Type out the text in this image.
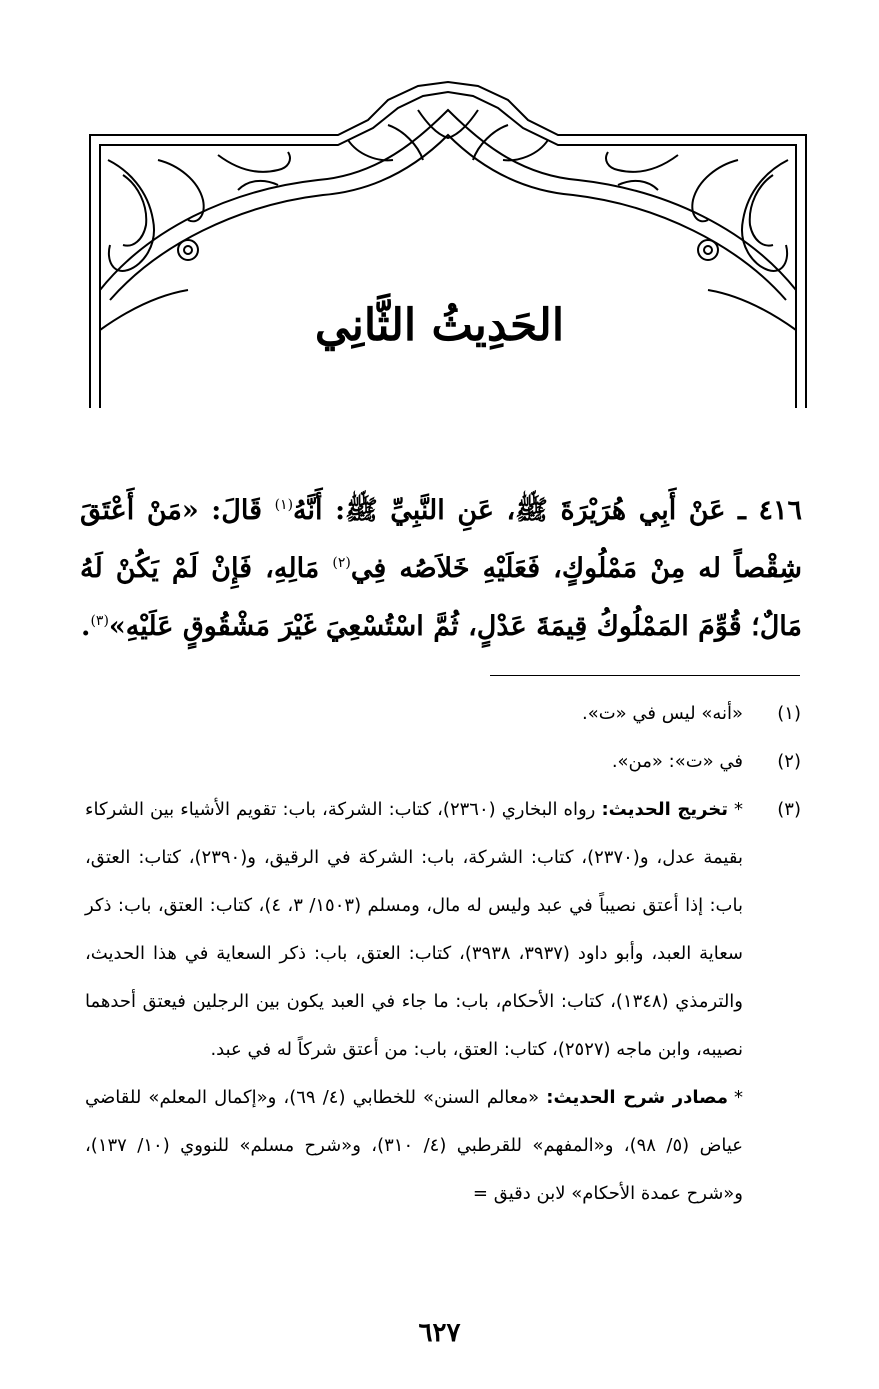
الحَدِيثُ الثَّانِي
٤١٦ ـ عَنْ أَبِي هُرَيْرَةَ ﷺ، عَنِ النَّبِيِّ ﷺ: أَنَّهُ$^{(١)}$ قَالَ: «مَنْ أَعْتَقَ شِقْصاً له مِنْ مَمْلُوكٍ، فَعَلَيْهِ خَلاَصُه فِي$^{(٢)}$ مَالِهِ، فَإِنْ لَمْ يَكُنْ لَهُ مَالٌ؛ قُوِّمَ المَمْلُوكُ قِيمَةَ عَدْلٍ، ثُمَّ اسْتُسْعِيَ غَيْرَ مَشْقُوقٍ عَلَيْهِ»$^{(٣)}$.
(١)
«أنه» ليس في «ت».
(٢)
في «ت»: «من».
(٣)
*تخريج الحديث: رواه البخاري (٢٣٦٠)، كتاب: الشركة، باب: تقويم الأشياء بين الشركاء بقيمة عدل، و(٢٣٧٠)، كتاب: الشركة، باب: الشركة في الرقيق، و(٢٣٩٠)، كتاب: العتق، باب: إذا أعتق نصيباً في عبد وليس له مال، ومسلم (١٥٠٣/ ٣، ٤)، كتاب: العتق، باب: ذكر سعاية العبد، وأبو داود (٣٩٣٧، ٣٩٣٨)، كتاب: العتق، باب: ذكر السعاية في هذا الحديث، والترمذي (١٣٤٨)، كتاب: الأحكام، باب: ما جاء في العبد يكون بين الرجلين فيعتق أحدهما نصيبه، وابن ماجه (٢٥٢٧)، كتاب: العتق، باب: من أعتق شركاً له في عبد.
*مصادر شرح الحديث: «معالم السنن» للخطابي (٤/ ٦٩)، و«إكمال المعلم» للقاضي عياض (٥/ ٩٨)، و«المفهم» للقرطبي (٤/ ٣١٠)، و«شرح مسلم» للنووي (١٠/ ١٣٧)، و«شرح عمدة الأحكام» لابن دقيق =
٦٢٧
